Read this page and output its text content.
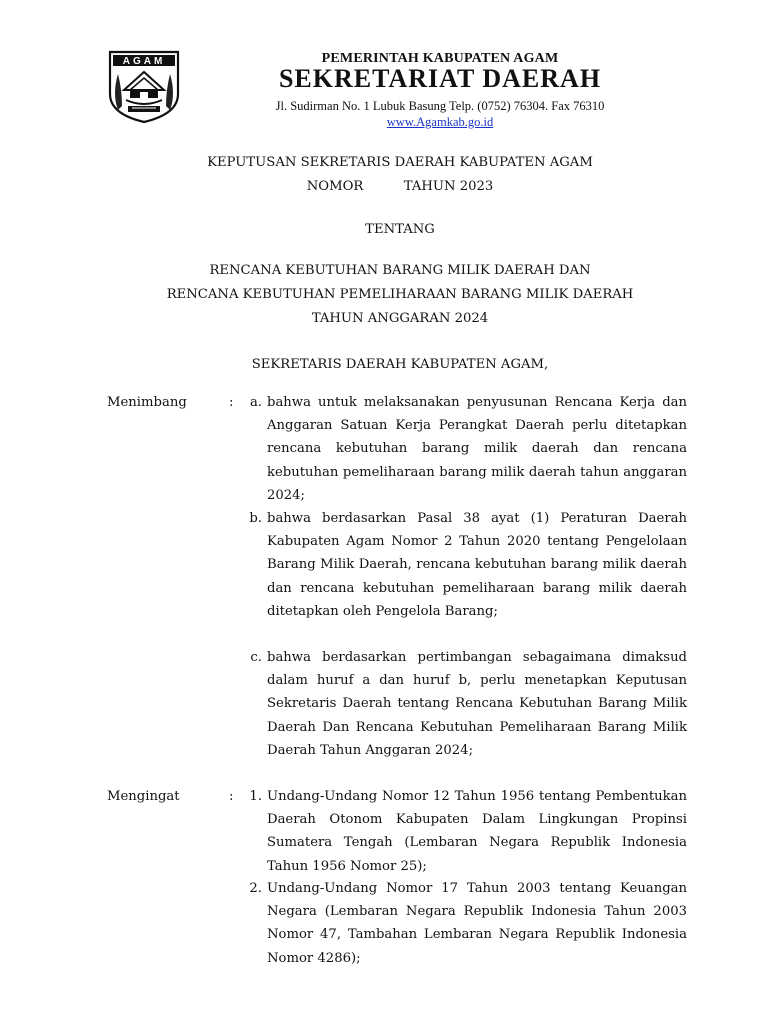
AGAM	PEMERINTAH KABUPATEN AGAM
SEKRETARIAT DAERAH
Jl. Sudirman No. 1 Lubuk Basung Telp. (0752) 76304. Fax 76310
www.Agamkab.go.id
KEPUTUSAN SEKRETARIS DAERAH KABUPATEN AGAM
NOMOR	TAHUN 2023
TENTANG
RENCANA KEBUTUHAN BARANG MILIK DAERAH DAN
RENCANA KEBUTUHAN PEMELIHARAAN BARANG MILIK DAERAH
TAHUN ANGGARAN 2024
SEKRETARIS DAERAH KABUPATEN AGAM,
Menimbang	:	a. bahwa untuk melaksanakan penyusunan Rencana Kerja dan Anggaran Satuan Kerja Perangkat Daerah perlu ditetapkan rencana kebutuhan barang milik daerah dan rencana kebutuhan pemeliharaan barang milik daerah tahun anggaran 2024;
b. bahwa berdasarkan Pasal 38 ayat (1) Peraturan Daerah Kabupaten Agam Nomor 2 Tahun 2020 tentang Pengelolaan Barang Milik Daerah, rencana kebutuhan barang milik daerah dan rencana kebutuhan pemeliharaan barang milik daerah ditetapkan oleh Pengelola Barang;
c. bahwa berdasarkan pertimbangan sebagaimana dimaksud dalam huruf a dan huruf b, perlu menetapkan Keputusan Sekretaris Daerah tentang Rencana Kebutuhan Barang Milik Daerah Dan Rencana Kebutuhan Pemeliharaan Barang Milik Daerah Tahun Anggaran 2024;
Mengingat	:	1. Undang-Undang Nomor 12 Tahun 1956 tentang Pembentukan Daerah Otonom Kabupaten Dalam Lingkungan Propinsi Sumatera Tengah (Lembaran Negara Republik Indonesia Tahun 1956 Nomor 25);
2. Undang-Undang Nomor 17 Tahun 2003 tentang Keuangan Negara (Lembaran Negara Republik Indonesia Tahun 2003 Nomor 47, Tambahan Lembaran Negara Republik Indonesia Nomor 4286);
